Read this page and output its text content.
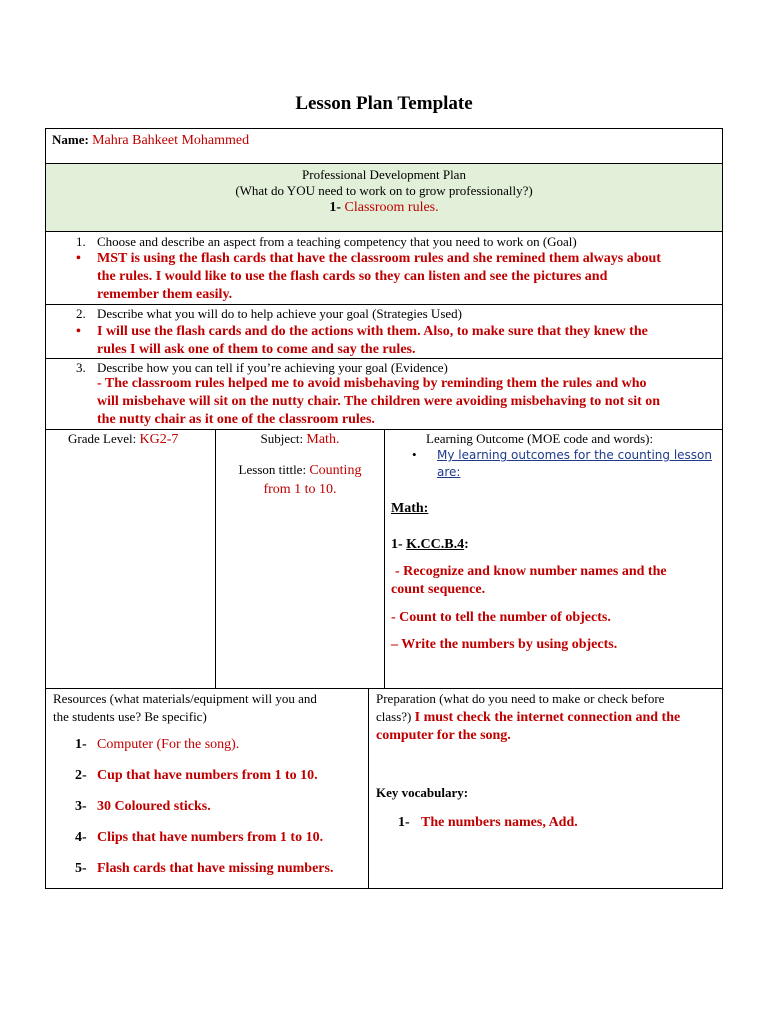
Lesson Plan Template
Name: Mahra Bahkeet Mohammed
Professional Development Plan
(What do YOU need to work on to grow professionally?)
1- Classroom rules.
1. Choose and describe an aspect from a teaching competency that you need to work on (Goal)
• MST is using the flash cards that have the classroom rules and she remined them always about
the rules. I would like to use the flash cards so they can listen and see the pictures and
remember them easily.
2. Describe what you will do to help achieve your goal (Strategies Used)
• I will use the flash cards and do the actions with them. Also, to make sure that they knew the
rules I will ask one of them to come and say the rules.
3. Describe how you can tell if you’re achieving your goal (Evidence)
- The classroom rules helped me to avoid misbehaving by reminding them the rules and who
will misbehave will sit on the nutty chair. The children were avoiding misbehaving to not sit on
the nutty chair as it one of the classroom rules.
Grade Level: KG2-7	Subject: Math.
Lesson tittle: Counting
from 1 to 10.
Learning Outcome (MOE code and words):
• My learning outcomes for the counting lesson
are:
Math:
1- K.CC.B.4:
- Recognize and know number names and the
count sequence.
- Count to tell the number of objects.
– Write the numbers by using objects.
Resources (what materials/equipment will you and
the students use? Be specific)
1- Computer (For the song).
2- Cup that have numbers from 1 to 10.
3- 30 Coloured sticks.
4- Clips that have numbers from 1 to 10.
5- Flash cards that have missing numbers.
Preparation (what do you need to make or check before
class?) I must check the internet connection and the
computer for the song.
Key vocabulary:
1- The numbers names, Add.
